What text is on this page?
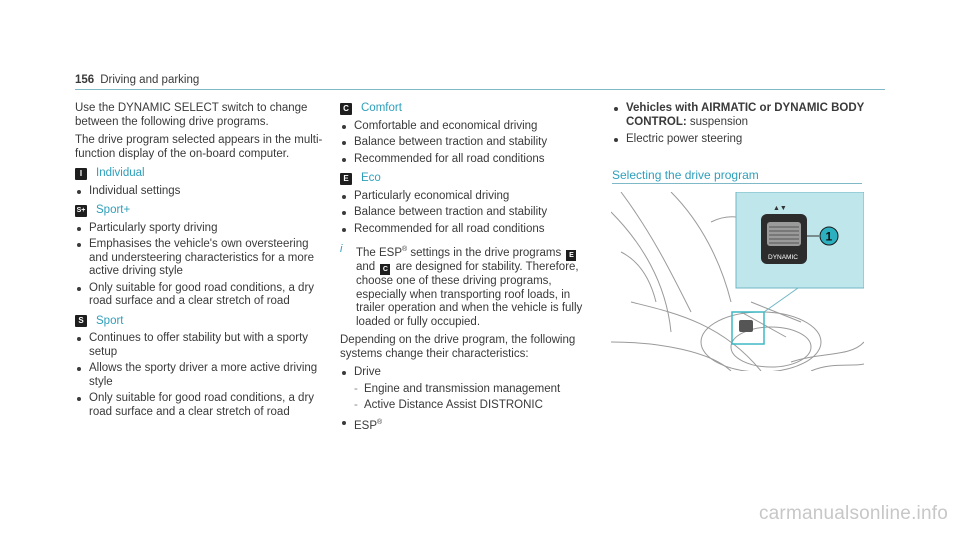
156 Driving and parking

Use the DYNAMIC SELECT switch to change between the following drive programs.

The drive program selected appears in the multi-function display of the on-board computer.

I	Individual
Individual settings
S+ Sport+
Particularly sporty driving
Emphasises the vehicle's own oversteering and understeering characteristics for a more active driving style
Only suitable for good road conditions, a dry road surface and a clear stretch of road
S Sport
Continues to offer stability but with a sporty setup
Allows the sporty driver a more active driving style
Only suitable for good road conditions, a dry road surface and a clear stretch of road
C Comfort
Comfortable and economical driving
Balance between traction and stability
Recommended for all road conditions
E Eco
Particularly economical driving
Balance between traction and stability
Recommended for all road conditions
i The ESP® settings in the drive programs E and C are designed for stability. Therefore, choose one of these driving programs, especially when transporting roof loads, in trailer operation and when the vehicle is fully loaded or fully occupied.

Depending on the drive program, the following systems change their characteristics:

Drive
- Engine and transmission management
- Active Distance Assist DISTRONIC
ESP®
Vehicles with AIRMATIC or DYNAMIC BODY CONTROL: suspension
Electric power steering
Selecting the drive program
1
▲▼
DYNAMIC
carmanualsonline.info
